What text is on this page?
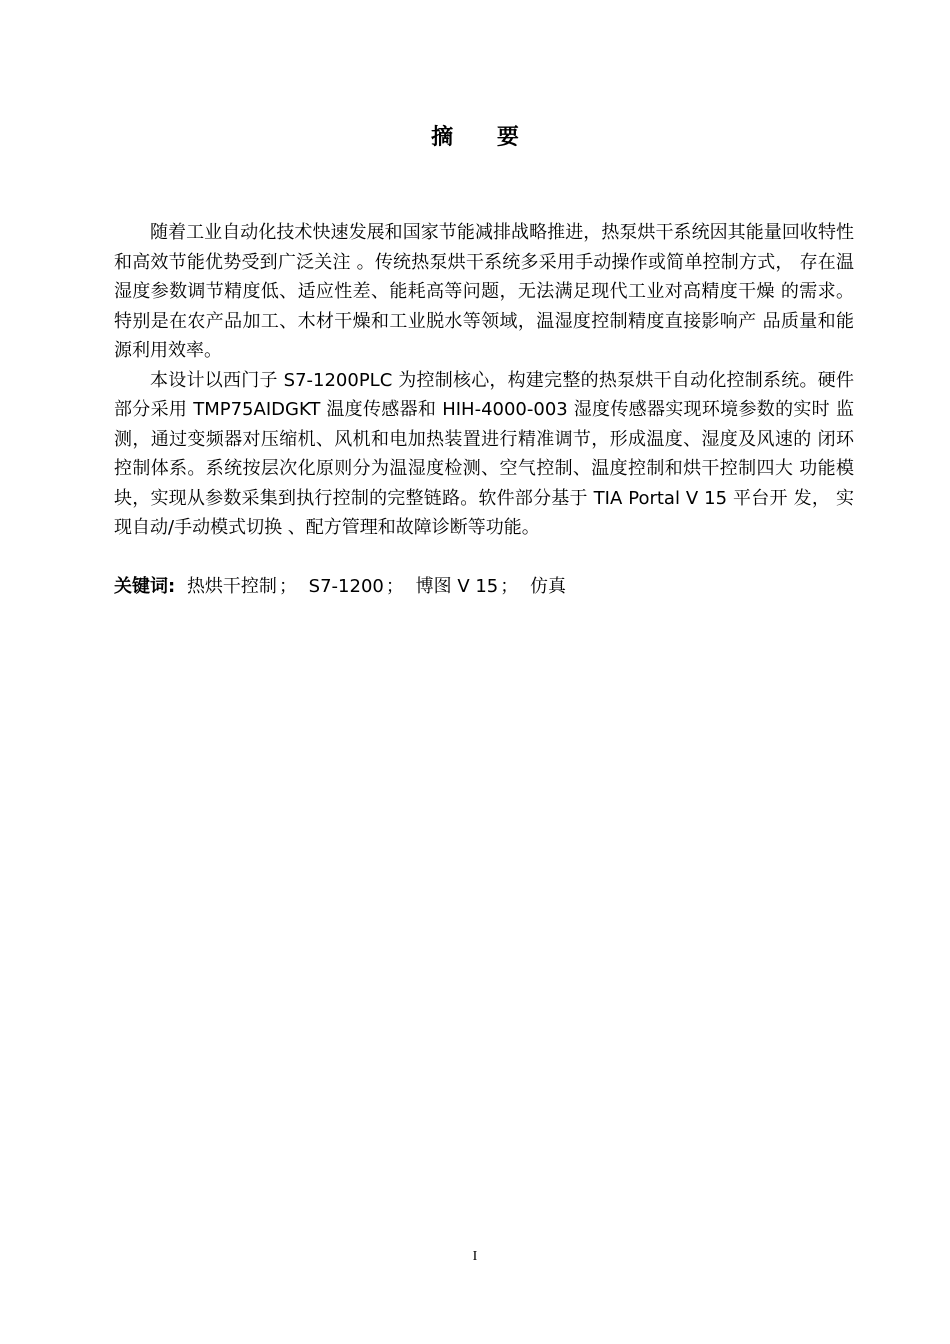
摘 要

随着工业自动化技术快速发展和国家节能减排战略推进，热泵烘干系统因其能量回收特性和高效节能优势受到广泛关注 。传统热泵烘干系统多采用手动操作或简单控制方式， 存在温湿度参数调节精度低、适应性差、能耗高等问题，无法满足现代工业对高精度干燥 的需求。特别是在农产品加工、木材干燥和工业脱水等领域，温湿度控制精度直接影响产 品质量和能源利用效率。

本设计以西门子 S7-1200PLC 为控制核心，构建完整的热泵烘干自动化控制系统。硬件部分采用 TMP75AIDGKT 温度传感器和 HIH-4000-003 湿度传感器实现环境参数的实时 监测，通过变频器对压缩机、风机和电加热装置进行精准调节，形成温度、湿度及风速的 闭环控制体系。系统按层次化原则分为温湿度检测、空气控制、温度控制和烘干控制四大 功能模块，实现从参数采集到执行控制的完整链路。软件部分基于 TIA Portal V 15 平台开 发， 实现自动/手动模式切换 、配方管理和故障诊断等功能。

关键词: 热烘干控制 ； S7-1200 ； 博图 V 15 ； 仿真
I
